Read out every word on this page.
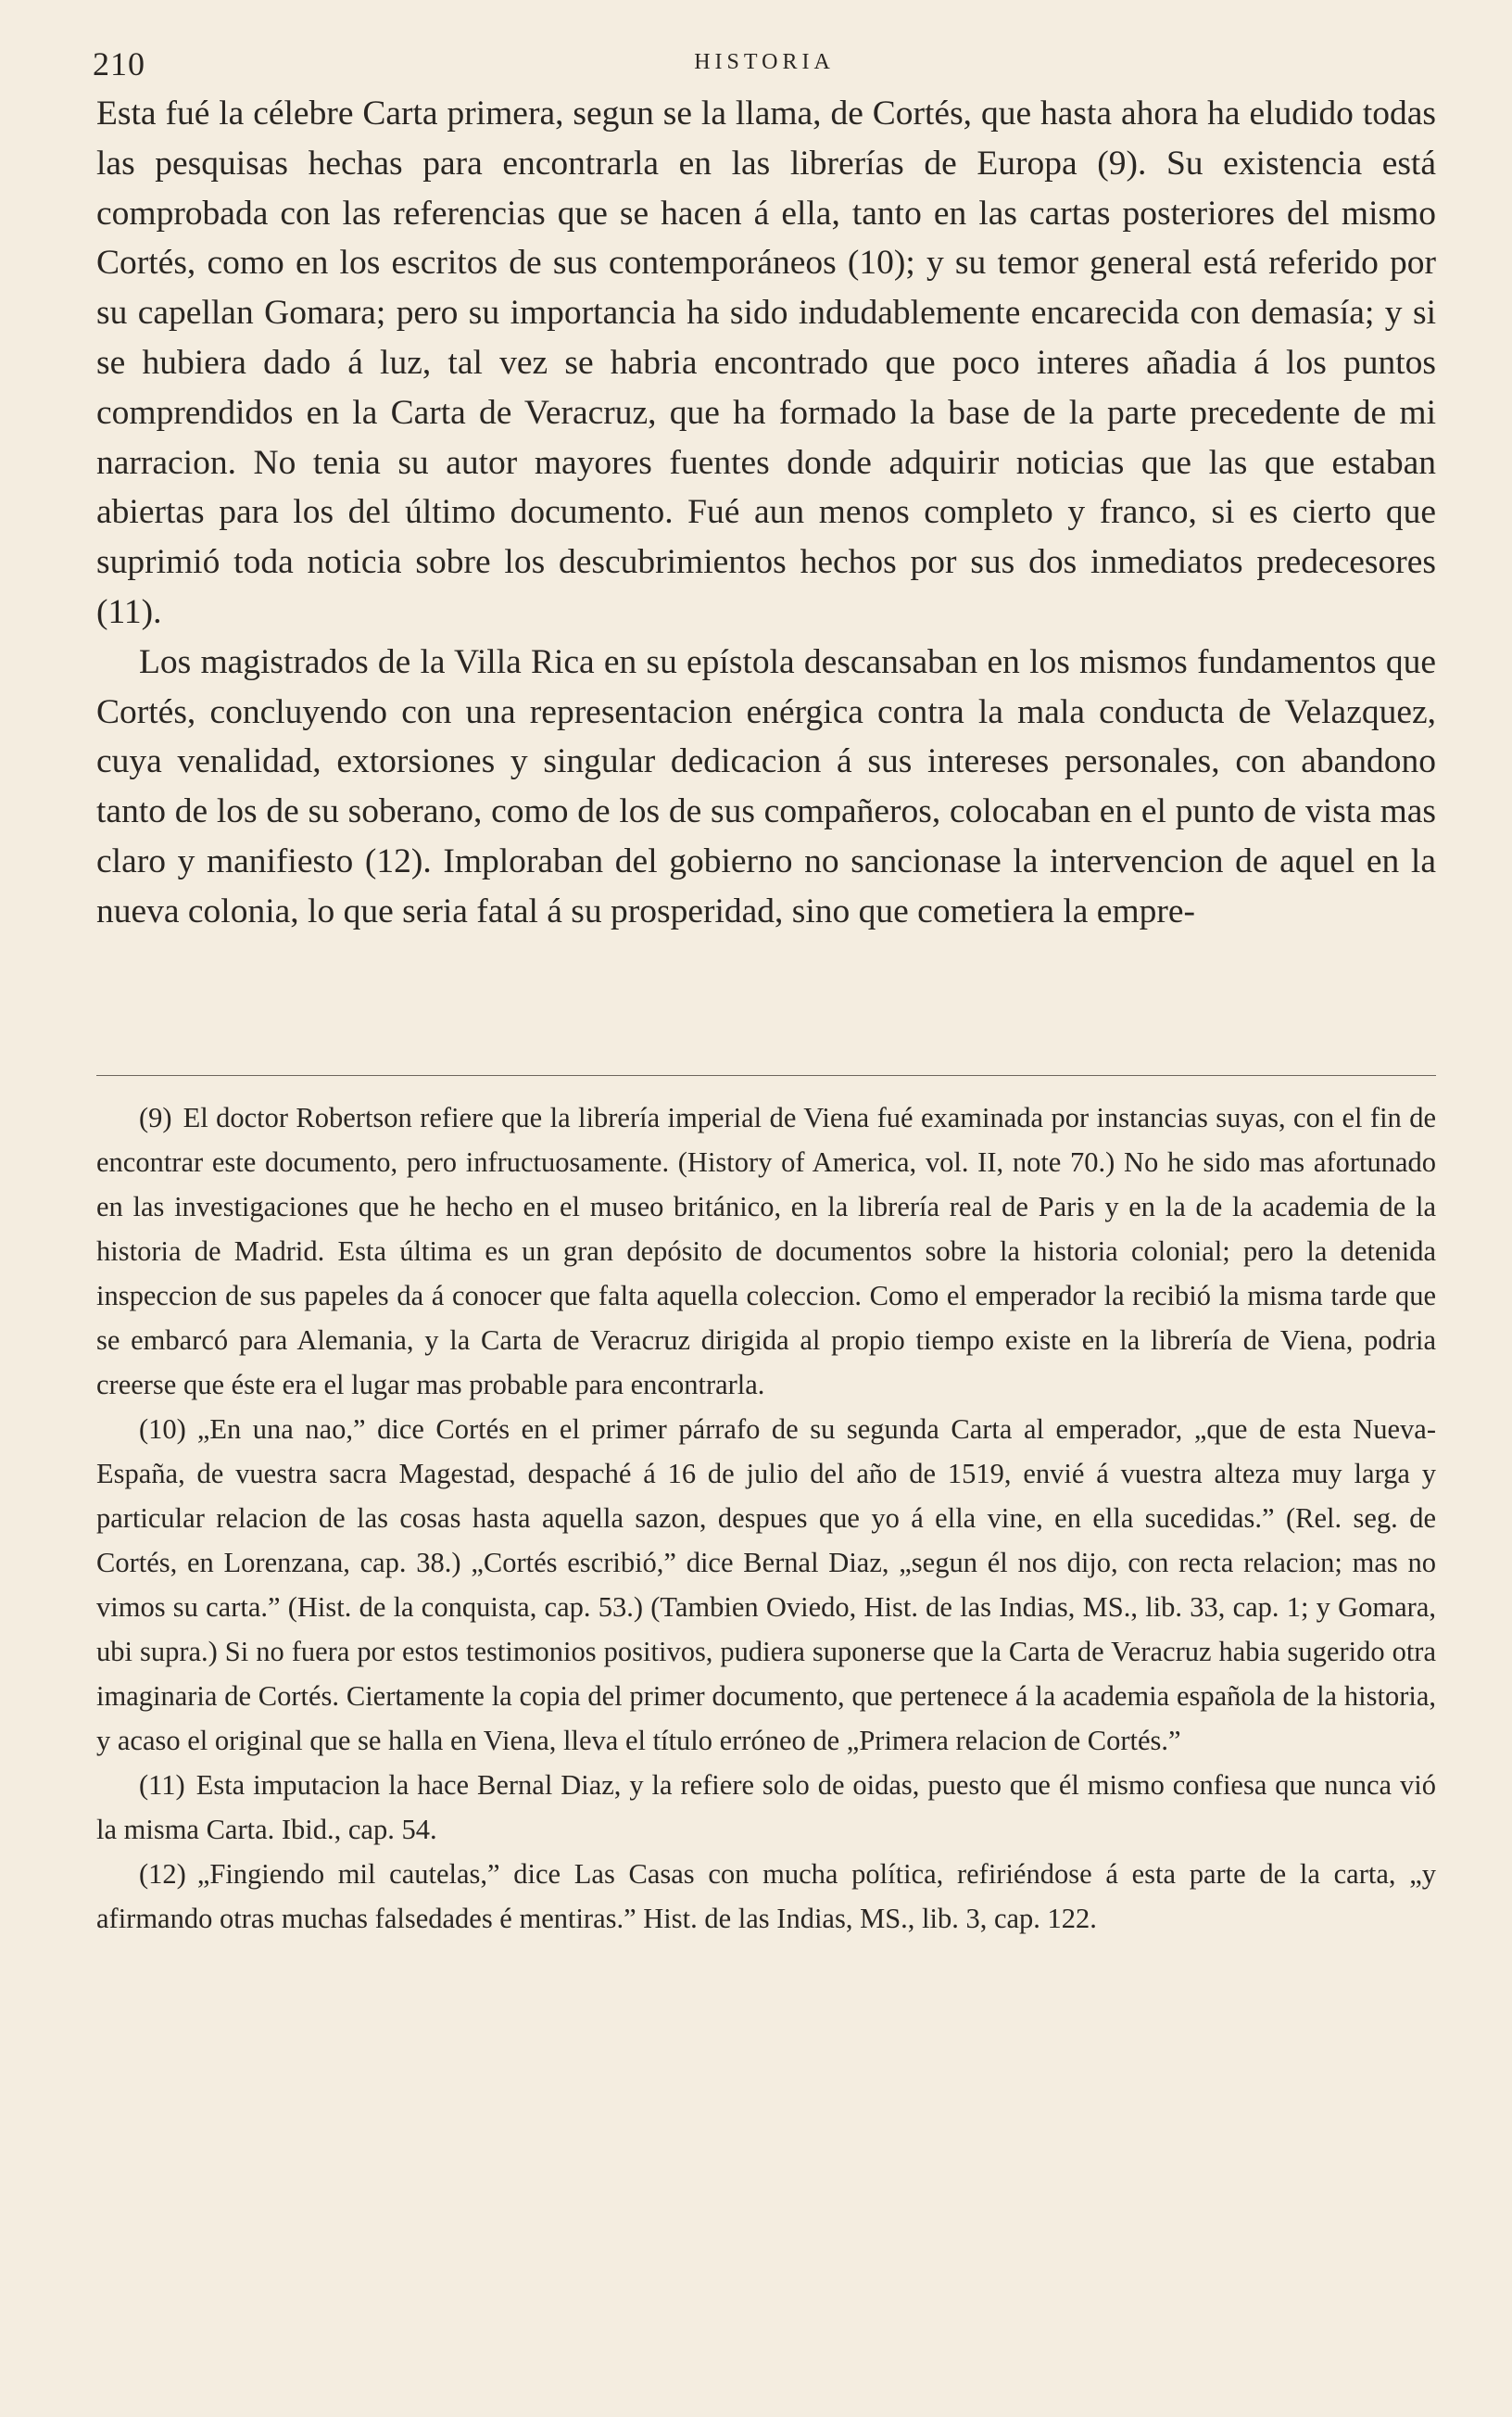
210	HISTORIA

Esta fué la célebre Carta primera, segun se la llama, de Cortés, que hasta ahora ha eludido todas las pesquisas hechas para encontrarla en las librerías de Europa (9). Su existencia está comprobada con las referencias que se hacen á ella, tanto en las cartas posteriores del mismo Cortés, como en los escritos de sus contemporáneos (10); y su temor general está referido por su capellan Gomara; pero su importancia ha sido indudablemente encarecida con demasía; y si se hubiera dado á luz, tal vez se habria encontrado que poco interes añadia á los puntos comprendidos en la Carta de Veracruz, que ha formado la base de la parte precedente de mi narracion. No tenia su autor mayores fuentes donde adquirir noticias que las que estaban abiertas para los del último documento. Fué aun menos completo y franco, si es cierto que suprimió toda noticia sobre los descubrimientos hechos por sus dos inmediatos predecesores (11).

Los magistrados de la Villa Rica en su epístola descansaban en los mismos fundamentos que Cortés, concluyendo con una representacion enérgica contra la mala conducta de Velazquez, cuya venalidad, extorsiones y singular dedicacion á sus intereses personales, con abandono tanto de los de su soberano, como de los de sus compañeros, colocaban en el punto de vista mas claro y manifiesto (12). Imploraban del gobierno no sancionase la intervencion de aquel en la nueva colonia, lo que seria fatal á su prosperidad, sino que cometiera la empre-

(9) El doctor Robertson refiere que la librería imperial de Viena fué examinada por instancias suyas, con el fin de encontrar este documento, pero infructuosamente. (History of America, vol. II, note 70.) No he sido mas afortunado en las investigaciones que he hecho en el museo británico, en la librería real de Paris y en la de la academia de la historia de Madrid. Esta última es un gran depósito de documentos sobre la historia colonial; pero la detenida inspeccion de sus papeles da á conocer que falta aquella coleccion. Como el emperador la recibió la misma tarde que se embarcó para Alemania, y la Carta de Veracruz dirigida al propio tiempo existe en la librería de Viena, podria creerse que éste era el lugar mas probable para encontrarla.

(10) „En una nao,” dice Cortés en el primer párrafo de su segunda Carta al emperador, „que de esta Nueva-España, de vuestra sacra Magestad, despaché á 16 de julio del año de 1519, envié á vuestra alteza muy larga y particular relacion de las cosas hasta aquella sazon, despues que yo á ella vine, en ella sucedidas.” (Rel. seg. de Cortés, en Lorenzana, cap. 38.) „Cortés escribió,” dice Bernal Diaz, „segun él nos dijo, con recta relacion; mas no vimos su carta.” (Hist. de la conquista, cap. 53.) (Tambien Oviedo, Hist. de las Indias, MS., lib. 33, cap. 1; y Gomara, ubi supra.) Si no fuera por estos testimonios positivos, pudiera suponerse que la Carta de Veracruz habia sugerido otra imaginaria de Cortés. Ciertamente la copia del primer documento, que pertenece á la academia española de la historia, y acaso el original que se halla en Viena, lleva el título erróneo de „Primera relacion de Cortés.”

(11) Esta imputacion la hace Bernal Diaz, y la refiere solo de oidas, puesto que él mismo confiesa que nunca vió la misma Carta. Ibid., cap. 54.

(12) „Fingiendo mil cautelas,” dice Las Casas con mucha política, refiriéndose á esta parte de la carta, „y afirmando otras muchas falsedades é mentiras.” Hist. de las Indias, MS., lib. 3, cap. 122.
